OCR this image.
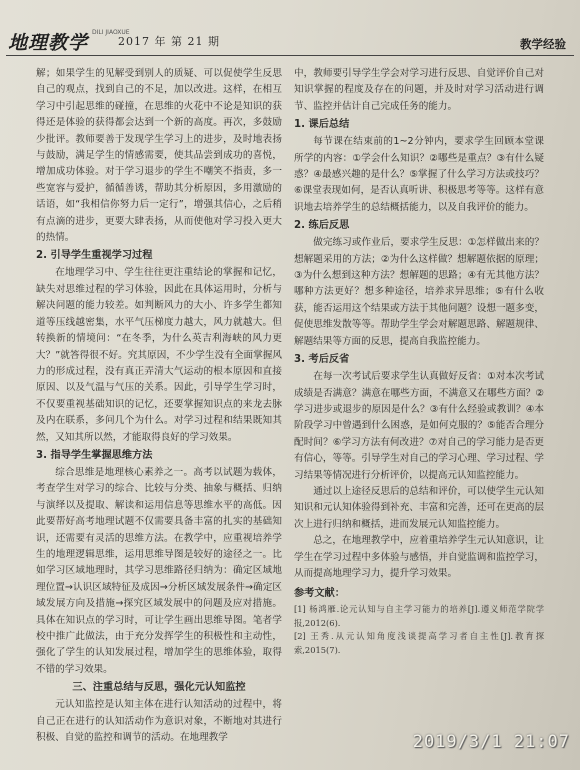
地理教学 DILI JIAOXUE
2017 年 第 21 期	教学经验

解；如果学生的见解受到别人的质疑、可以促使学生反思自己的观点，找到自己的不足，加以改进。这样，在相互学习中引起思维的碰撞，在思维的火花中不论是知识的获得还是体验的获得都会达到一个新的高度。再次，多鼓励少批评。教师要善于发现学生学习上的进步，及时地表扬与鼓励，满足学生的情感需要，使其品尝到成功的喜悦，增加成功体验。对于学习退步的学生不嘲笑不指责，多一些宽容与爱护，循循善诱，帮助其分析原因，多用激励的话语，如“我相信你努力后一定行”，增强其信心，之后稍有点滴的进步，更要大肆表扬，从而使他对学习投入更大的热情。

2. 引导学生重视学习过程

在地理学习中、学生往往更注重结论的掌握和记忆，缺失对思维过程的学习体验，因此在具体运用时，分析与解决问题的能力较差。如判断风力的大小、许多学生都知道等压线越密集，水平气压梯度力越大，风力就越大。但转换新的情境问：“在冬季，为什么英吉利海峡的风力更大？”就答得很不好。究其原因，不少学生没有全面掌握风力的形成过程，没有真正弄清大气运动的根本原因和直接原因、以及气温与气压的关系。因此，引导学生学习时，不仅要重视基础知识的记忆，还要掌握知识点的来龙去脉及内在联系，多问几个为什么。对学习过程和结果既知其然，又知其所以然，才能取得良好的学习效果。

3. 指导学生掌握思维方法

综合思维是地理核心素养之一。高考以试题为载体，考查学生对学习的综合、比较与分类、抽象与概括、归纳与演绎以及提取、解读和运用信息等思维水平的高低。因此要帮好高考地理试题不仅需要具备丰富的扎实的基础知识，还需要有灵活的思维方法。在教学中，应重视培养学生的地理逻辑思维，运用思维导图是较好的途径之一。比如学习区域地理时，其学习思维路径归纳为：确定区域地理位置→认识区域特征及成因→分析区域发展条件→确定区域发展方向及措施→探究区域发展中的问题及应对措施。具体在知识点的学习时，可让学生画出思维导图。笔者学校中推广此做法，由于充分发挥学生的积极性和主动性，强化了学生的认知发展过程，增加学生的思维体验，取得不错的学习效果。

三、注重总结与反思，强化元认知监控

元认知监控是认知主体在进行认知活动的过程中，将自己正在进行的认知活动作为意识对象，不断地对其进行积极、自觉的监控和调节的活动。在地理教学

中，教师要引导学生学会对学习进行反思、自觉评价自己对知识掌握的程度及存在的问题，并及时对学习活动进行调节、监控并估计自己完成任务的能力。

1. 课后总结

每节课在结束前的1~2分钟内，要求学生回顾本堂课所学的内容：①学会什么知识？②哪些是重点？③有什么疑惑？④最感兴趣的是什么？⑤掌握了什么学习方法或技巧？⑥课堂表现如何，是否认真听讲、积极思考等等。这样有意识地去培养学生的总结概括能力，以及自我评价的能力。

2. 练后反思

做完练习或作业后，要求学生反思：①怎样做出来的？想解题采用的方法；②为什么这样做？想解题依据的原理；③为什么想到这种方法？想解题的思路；④有无其他方法？哪种方法更好？想多种途径，培养求异思维；⑤有什么收获，能否运用这个结果或方法于其他问题？设想一题多变，促使思维发散等等。帮助学生学会对解题思路、解题规律、解题结果等方面的反思，提高自我监控能力。

3. 考后反省

在每一次考试后要求学生认真做好反省：①对本次考试成绩是否满意？满意在哪些方面，不满意又在哪些方面？②学习进步或退步的原因是什么？③有什么经验或教训？④本阶段学习中曾遇到什么困惑，是如何克服的？⑤能否合理分配时间？⑥学习方法有何改进？⑦对自己的学习能力是否更有信心，等等。引导学生对自己的学习心理、学习过程、学习结果等情况进行分析评价，以提高元认知监控能力。

通过以上途径反思后的总结和评价，可以使学生元认知知识和元认知体验得到补充、丰富和完善，还可在更高的层次上进行归纳和概括，进而发展元认知监控能力。

总之，在地理教学中，应着重培养学生元认知意识，让学生在学习过程中多体验与感悟，并自觉监调和监控学习，从而提高地理学习力，提升学习效果。

参考文献：

[1] 杨鸿雁.论元认知与自主学习能力的培养[J].遵义师范学院学报,2012(6).

[2] 王秀.从元认知角度浅谈提高学习者自主性[J].教育探索,2015(7).

2019/3/1 21:07
